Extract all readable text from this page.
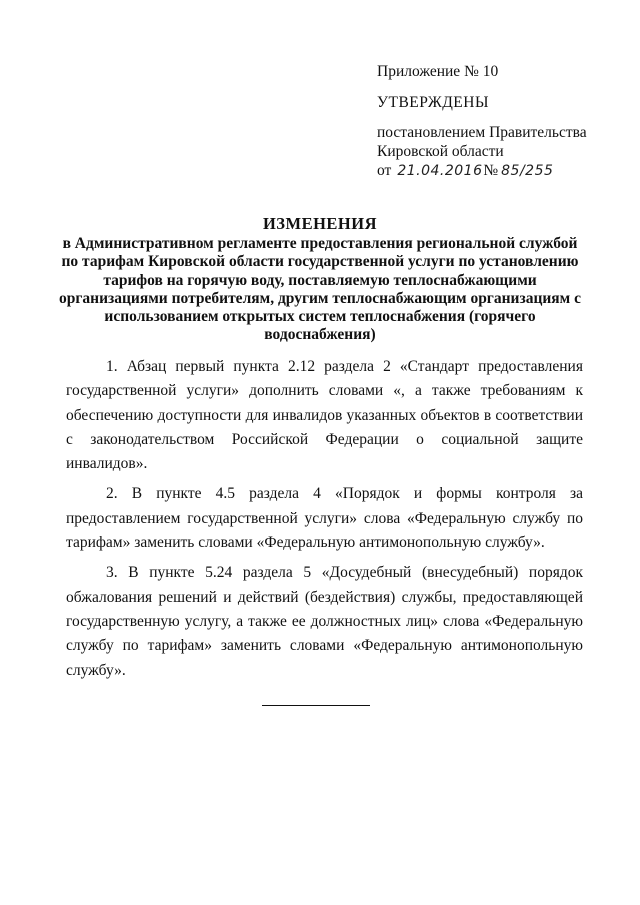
Приложение № 10

УТВЕРЖДЕНЫ

постановлением Правительства

Кировской области

от 21.04.2016№ 85/255

ИЗМЕНЕНИЯ

в Административном регламенте предоставления региональной службой по тарифам Кировской области государственной услуги по установлению тарифов на горячую воду, поставляемую теплоснабжающими организациями потребителям, другим теплоснабжающим организациям с использованием открытых систем теплоснабжения (горячего водоснабжения)

1. Абзац первый пункта 2.12 раздела 2 «Стандарт предоставления государственной услуги» дополнить словами «, а также требованиям к обеспечению доступности для инвалидов указанных объектов в соответствии с законодательством Российской Федерации о социальной защите инвалидов».

2. В пункте 4.5 раздела 4 «Порядок и формы контроля за предоставлением государственной услуги» слова «Федеральную службу по тарифам» заменить словами «Федеральную антимонопольную службу».

3. В пункте 5.24 раздела 5 «Досудебный (внесудебный) порядок обжалования решений и действий (бездействия) службы, предоставляющей государственную услугу, а также ее должностных лиц» слова «Федеральную службу по тарифам» заменить словами «Федеральную антимонопольную службу».
